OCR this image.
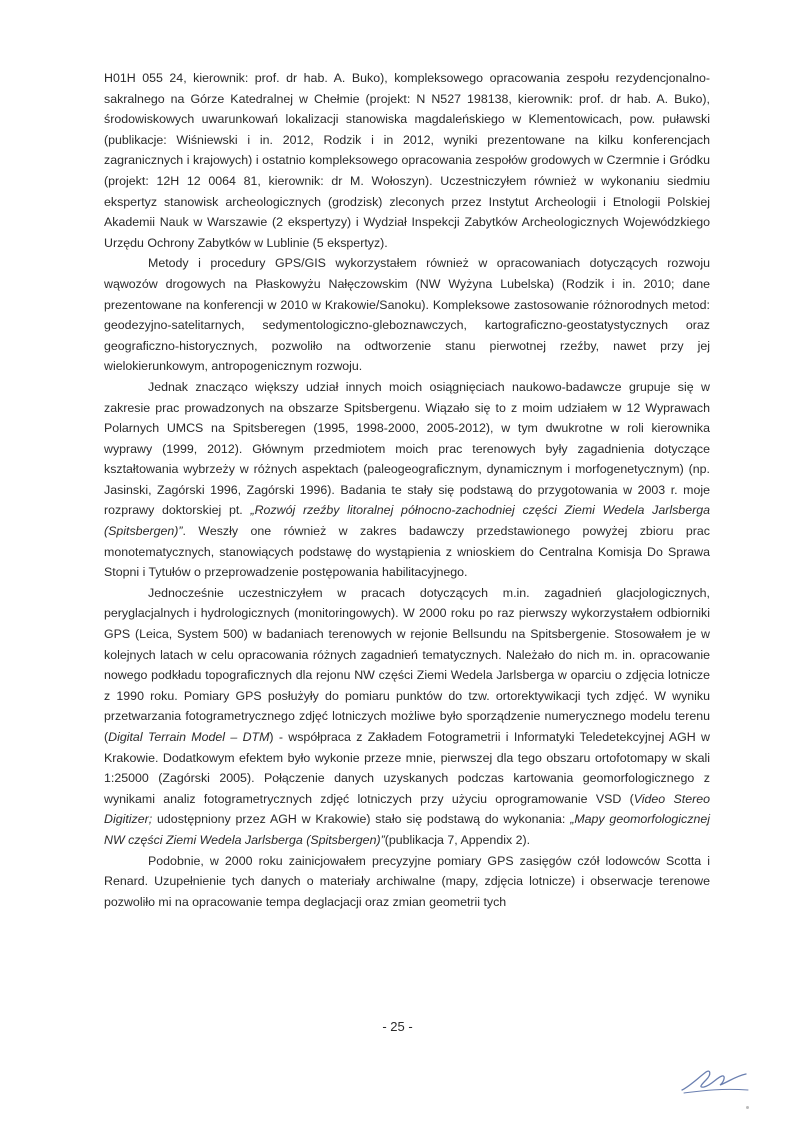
H01H 055 24, kierownik: prof. dr hab. A. Buko), kompleksowego opracowania zespołu rezydencjonalno-sakralnego na Górze Katedralnej w Chełmie (projekt: N N527 198138, kierownik: prof. dr hab. A. Buko), środowiskowych uwarunkowań lokalizacji stanowiska magdaleńskiego w Klementowicach, pow. puławski (publikacje: Wiśniewski i in. 2012, Rodzik i in 2012, wyniki prezentowane na kilku konferencjach zagranicznych i krajowych) i ostatnio kompleksowego opracowania zespołów grodowych w Czermnie i Gródku (projekt: 12H 12 0064 81, kierownik: dr M. Wołoszyn). Uczestniczyłem również w wykonaniu siedmiu ekspertyz stanowisk archeologicznych (grodzisk) zleconych przez Instytut Archeologii i Etnologii Polskiej Akademii Nauk w Warszawie (2 ekspertyzy) i Wydział Inspekcji Zabytków Archeologicznych Wojewódzkiego Urzędu Ochrony Zabytków w Lublinie (5 ekspertyz).

Metody i procedury GPS/GIS wykorzystałem również w opracowaniach dotyczących rozwoju wąwozów drogowych na Płaskowyżu Nałęczowskim (NW Wyżyna Lubelska) (Rodzik i in. 2010; dane prezentowane na konferencji w 2010 w Krakowie/Sanoku). Kompleksowe zastosowanie różnorodnych metod: geodezyjno-satelitarnych, sedymentologiczno-gleboznawczych, kartograficzno-geostatystycznych oraz geograficzno-historycznych, pozwoliło na odtworzenie stanu pierwotnej rzeźby, nawet przy jej wielokierunkowym, antropogenicznym rozwoju.

Jednak znacząco większy udział innych moich osiągnięciach naukowo-badawcze grupuje się w zakresie prac prowadzonych na obszarze Spitsbergenu. Wiązało się to z moim udziałem w 12 Wyprawach Polarnych UMCS na Spitsberegen (1995, 1998-2000, 2005-2012), w tym dwukrotne w roli kierownika wyprawy (1999, 2012). Głównym przedmiotem moich prac terenowych były zagadnienia dotyczące kształtowania wybrzeży w różnych aspektach (paleogeograficznym, dynamicznym i morfogenetycznym) (np. Jasinski, Zagórski 1996, Zagórski 1996). Badania te stały się podstawą do przygotowania w 2003 r. moje rozprawy doktorskiej pt. „Rozwój rzeźby litoralnej północno-zachodniej części Ziemi Wedela Jarlsberga (Spitsbergen)”. Weszły one również w zakres badawczy przedstawionego powyżej zbioru prac monotematycznych, stanowiących podstawę do wystąpienia z wnioskiem do Centralna Komisja Do Sprawa Stopni i Tytułów o przeprowadzenie postępowania habilitacyjnego.

Jednocześnie uczestniczyłem w pracach dotyczących m.in. zagadnień glacjologicznych, peryglacjalnych i hydrologicznych (monitoringowych). W 2000 roku po raz pierwszy wykorzystałem odbiorniki GPS (Leica, System 500) w badaniach terenowych w rejonie Bellsundu na Spitsbergenie. Stosowałem je w kolejnych latach w celu opracowania różnych zagadnień tematycznych. Należało do nich m. in. opracowanie nowego podkładu topograficznych dla rejonu NW części Ziemi Wedela Jarlsberga w oparciu o zdjęcia lotnicze z 1990 roku. Pomiary GPS posłużyły do pomiaru punktów do tzw. ortorektywikacji tych zdjęć. W wyniku przetwarzania fotogrametrycznego zdjęć lotniczych możliwe było sporządzenie numerycznego modelu terenu (Digital Terrain Model – DTM) - współpraca z Zakładem Fotogrametrii i Informatyki Teledetekcyjnej AGH w Krakowie. Dodatkowym efektem było wykonie przeze mnie, pierwszej dla tego obszaru ortofotomapy w skali 1:25000 (Zagórski 2005). Połączenie danych uzyskanych podczas kartowania geomorfologicznego z wynikami analiz fotogrametrycznych zdjęć lotniczych przy użyciu oprogramowanie VSD (Video Stereo Digitizer; udostępniony przez AGH w Krakowie) stało się podstawą do wykonania: „Mapy geomorfologicznej NW części Ziemi Wedela Jarlsberga (Spitsbergen)”(publikacja 7, Appendix 2).

Podobnie, w 2000 roku zainicjowałem precyzyjne pomiary GPS zasięgów czół lodowców Scotta i Renard. Uzupełnienie tych danych o materiały archiwalne (mapy, zdjęcia lotnicze) i obserwacje terenowe pozwoliło mi na opracowanie tempa deglacjacji oraz zmian geometrii tych

- 25 -
